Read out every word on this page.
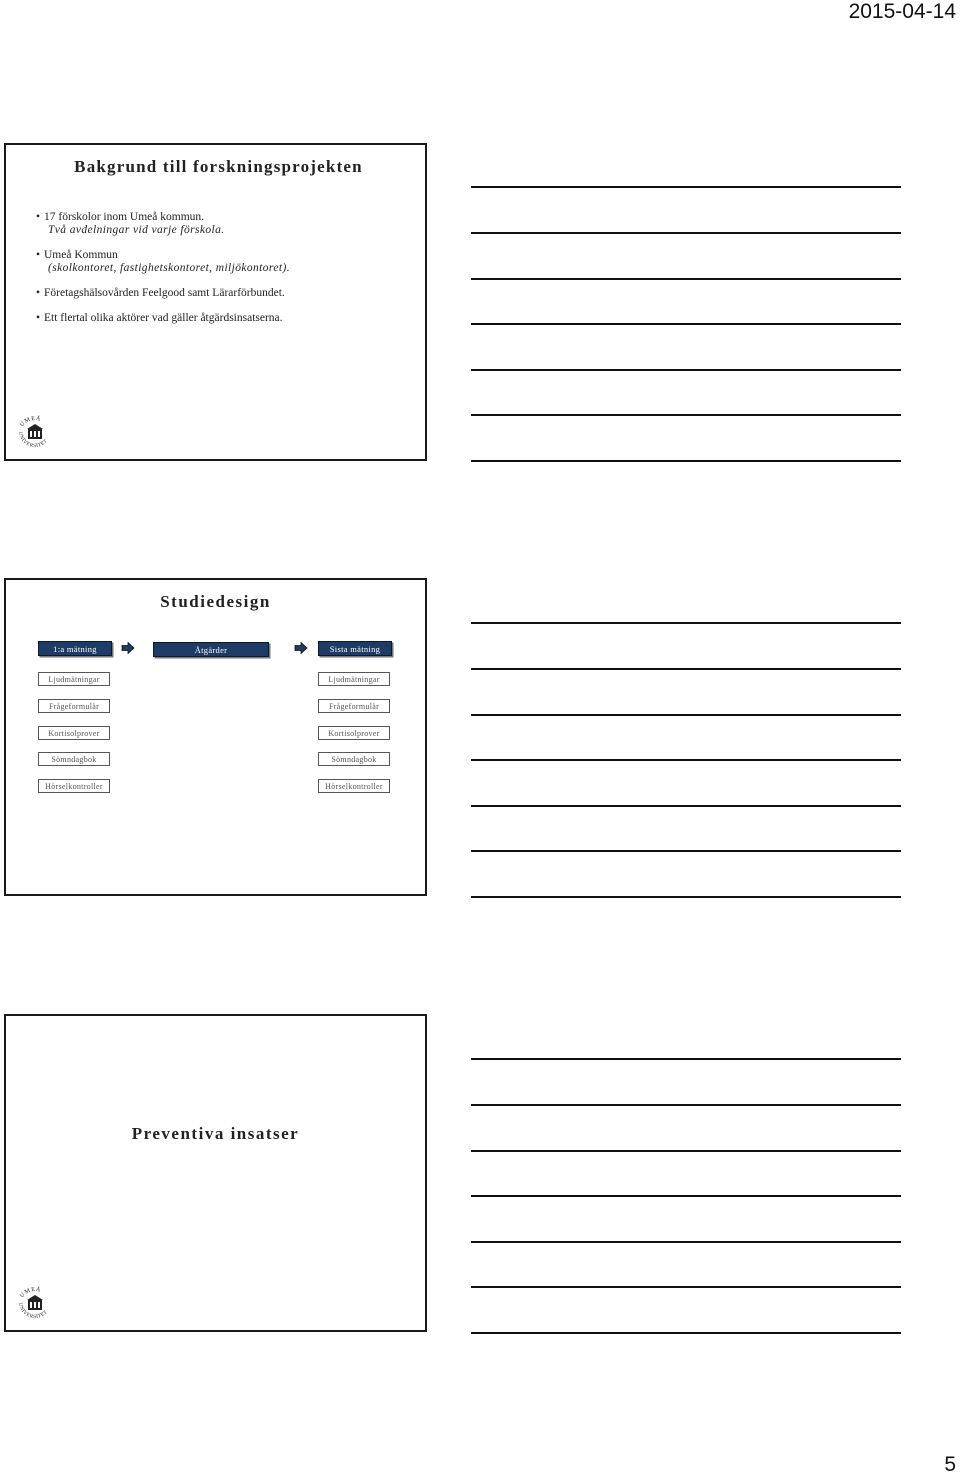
2015-04-14
Bakgrund till forskningsprojekten
• 17 förskolor inom Umeå kommun.
Två avdelningar vid varje förskola.
• Umeå Kommun
(skolkontoret, fastighetskontoret, miljökontoret).
• Företagshälsovården Feelgood samt Lärarförbundet.
• Ett flertal olika aktörer vad gäller åtgärdsinsatserna.
UMEÅ
UNIVERSITET
Studiedesign
1:a mätning	Åtgärder	Sista mätning
Ljudmätningar
Frågeformulär
Kortisolprover
Sömndagbok
Hörselkontroller
Ljudmätningar
Frågeformulär
Kortisolprover
Sömndagbok
Hörselkontroller
Preventiva insatser
UMEÅ
UNIVERSITET
5
